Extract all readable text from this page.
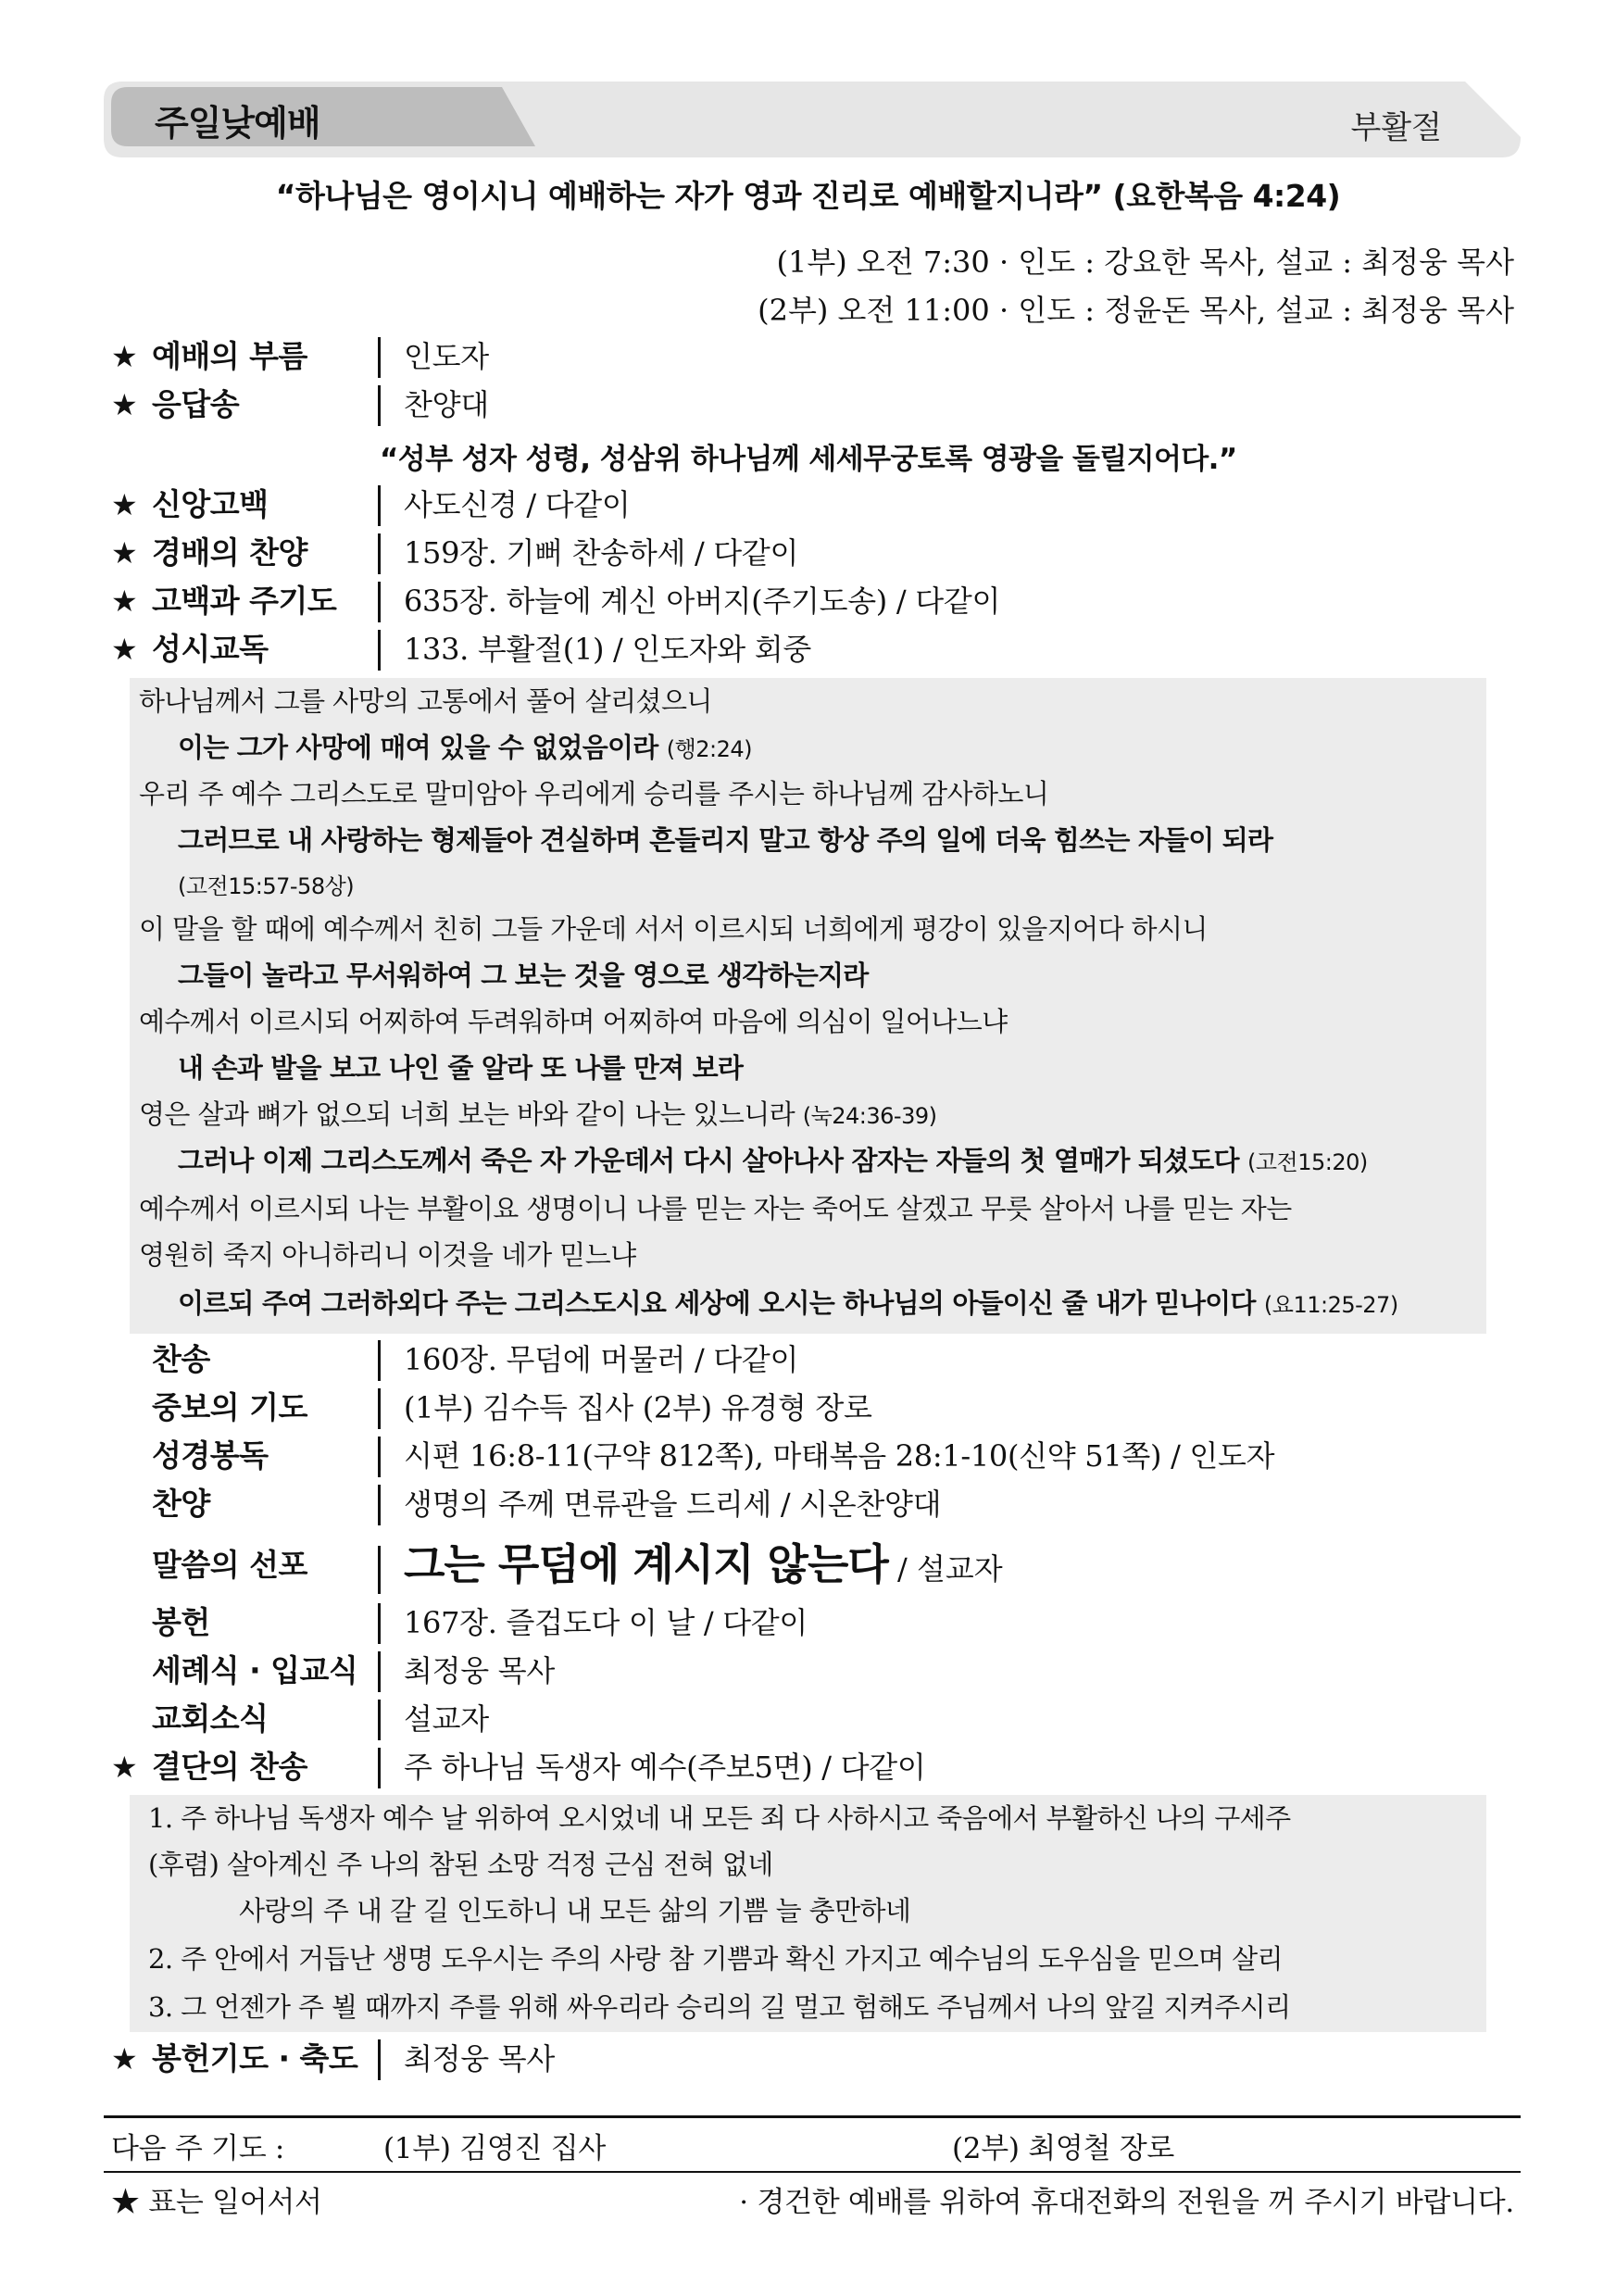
주일낮예배	부활절
“하나님은 영이시니 예배하는 자가 영과 진리로 예배할지니라” (요한복음 4:24)
(1부) 오전 7:30 · 인도 : 강요한 목사, 설교 : 최정웅 목사
(2부) 오전 11:00 · 인도 : 정윤돈 목사, 설교 : 최정웅 목사
★ 예배의 부름	인도자
★ 응답송	찬양대
“성부 성자 성령, 성삼위 하나님께 세세무궁토록 영광을 돌릴지어다.”
★ 신앙고백	사도신경 / 다같이
★ 경배의 찬양	159장. 기뻐 찬송하세 / 다같이
★ 고백과 주기도 635장. 하늘에 계신 아버지(주기도송) / 다같이
★ 성시교독	133. 부활절(1) / 인도자와 회중
하나님께서 그를 사망의 고통에서 풀어 살리셨으니
이는 그가 사망에 매여 있을 수 없었음이라 (행2:24)
우리 주 예수 그리스도로 말미암아 우리에게 승리를 주시는 하나님께 감사하노니
그러므로 내 사랑하는 형제들아 견실하며 흔들리지 말고 항상 주의 일에 더욱 힘쓰는 자들이 되라
(고전15:57-58상)
이 말을 할 때에 예수께서 친히 그들 가운데 서서 이르시되 너희에게 평강이 있을지어다 하시니
그들이 놀라고 무서워하여 그 보는 것을 영으로 생각하는지라
예수께서 이르시되 어찌하여 두려워하며 어찌하여 마음에 의심이 일어나느냐
내 손과 발을 보고 나인 줄 알라 또 나를 만져 보라
영은 살과 뼈가 없으되 너희 보는 바와 같이 나는 있느니라 (눅24:36-39)
그러나 이제 그리스도께서 죽은 자 가운데서 다시 살아나사 잠자는 자들의 첫 열매가 되셨도다 (고전15:20)
예수께서 이르시되 나는 부활이요 생명이니 나를 믿는 자는 죽어도 살겠고 무릇 살아서 나를 믿는 자는
영원히 죽지 아니하리니 이것을 네가 믿느냐
이르되 주여 그러하외다 주는 그리스도시요 세상에 오시는 하나님의 아들이신 줄 내가 믿나이다 (요11:25-27)
찬송	160장. 무덤에 머물러 / 다같이
중보의 기도	(1부) 김수득 집사 (2부) 유경형 장로
성경봉독	시편 16:8-11(구약 812쪽), 마태복음 28:1-10(신약 51쪽) / 인도자
찬양	생명의 주께 면류관을 드리세 / 시온찬양대
말씀의 선포 그는 무덤에 계시지 않는다 / 설교자
봉헌	167장. 즐겁도다 이 날 / 다같이
세례식 · 입교식 최정웅 목사
교회소식	설교자
★ 결단의 찬송	주 하나님 독생자 예수(주보5면) / 다같이
1. 주 하나님 독생자 예수 날 위하여 오시었네 내 모든 죄 다 사하시고 죽음에서 부활하신 나의 구세주
(후렴) 살아계신 주 나의 참된 소망 걱정 근심 전혀 없네
사랑의 주 내 갈 길 인도하니 내 모든 삶의 기쁨 늘 충만하네
2. 주 안에서 거듭난 생명 도우시는 주의 사랑 참 기쁨과 확신 가지고 예수님의 도우심을 믿으며 살리
3. 그 언젠가 주 뵐 때까지 주를 위해 싸우리라 승리의 길 멀고 험해도 주님께서 나의 앞길 지켜주시리
★ 봉헌기도 · 축도 최정웅 목사
다음 주 기도 :	(1부) 김영진 집사	(2부) 최영철 장로
★ 표는 일어서서	· 경건한 예배를 위하여 휴대전화의 전원을 꺼 주시기 바랍니다.
